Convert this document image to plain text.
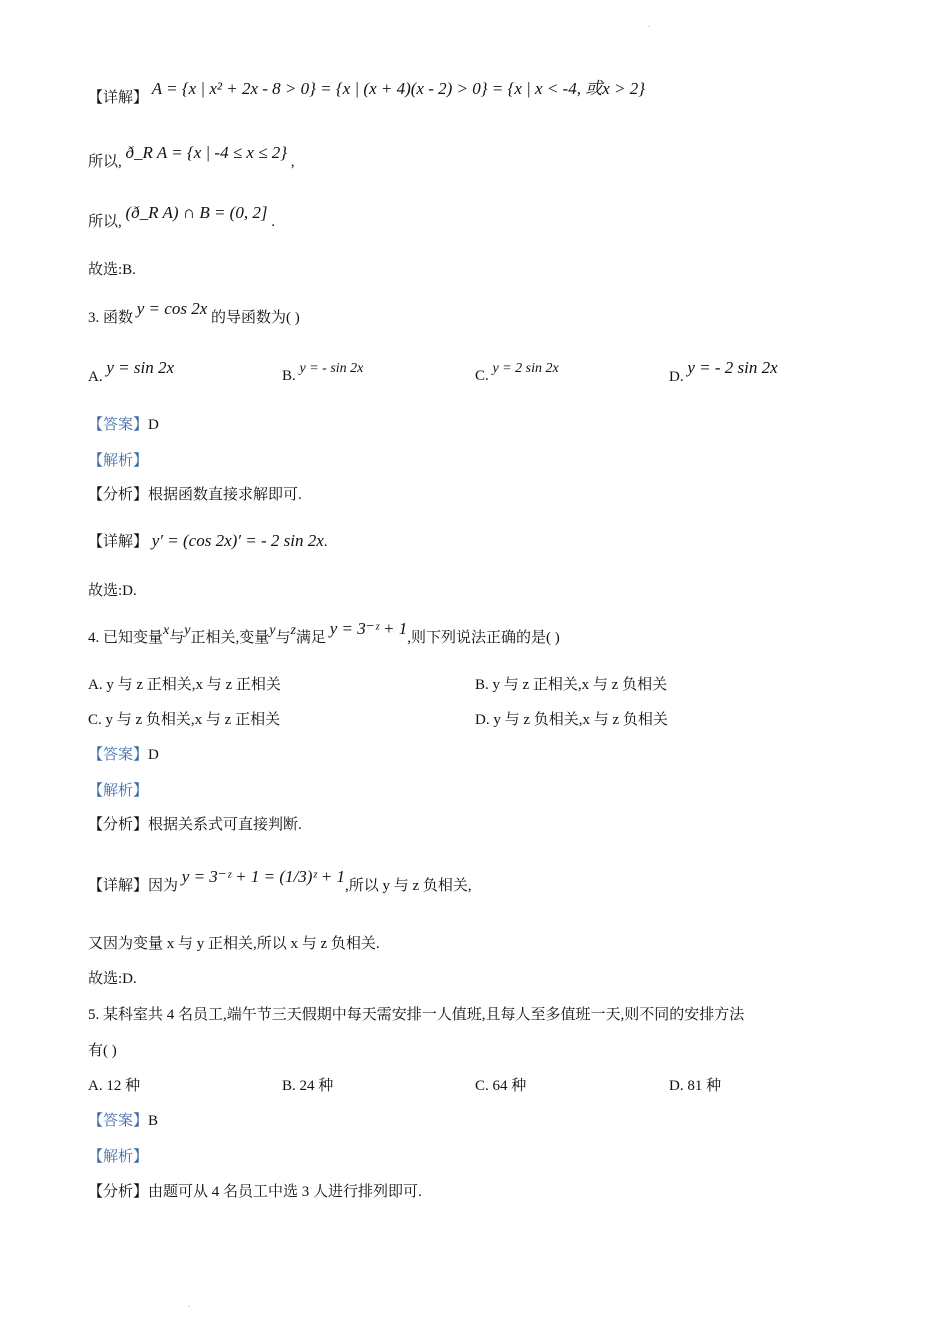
.
.
【详解】 A = {x | x² + 2x - 8 > 0} = {x | (x + 4)(x - 2) > 0} = {x | x < -4, 或x > 2}
所以, ð_R A = {x | -4 ≤ x ≤ 2} ,
所以, (ð_R A) ∩ B = (0, 2] .
故选:B.
3. 函数 y = cos 2x 的导函数为( )
A. y = sin 2x	B. y = - sin 2x	C. y = 2 sin 2x
D. y = - 2 sin 2x
【答案】D
【解析】
【分析】根据函数直接求解即可.
【详解】 y′ = (cos 2x)′ = - 2 sin 2x.
故选:D.
4. 已知变量x与y正相关,变量y与z满足 y = 3⁻ᶻ + 1,则下列说法正确的是( )
A. y 与 z 正相关,x 与 z 正相关	B. y 与 z 正相关,x 与 z 负相关
C. y 与 z 负相关,x 与 z 正相关	D. y 与 z 负相关,x 与 z 负相关
【答案】D
【解析】
【分析】根据关系式可直接判断.
【详解】因为 y = 3⁻ᶻ + 1 = (1/3)ᶻ + 1,所以 y 与 z 负相关,
又因为变量 x 与 y 正相关,所以 x 与 z 负相关.
故选:D.
5. 某科室共 4 名员工,端午节三天假期中每天需安排一人值班,且每人至多值班一天,则不同的安排方法
有( )
A. 12 种	B. 24 种	C. 64 种	D. 81 种
【答案】B
【解析】
【分析】由题可从 4 名员工中选 3 人进行排列即可.
